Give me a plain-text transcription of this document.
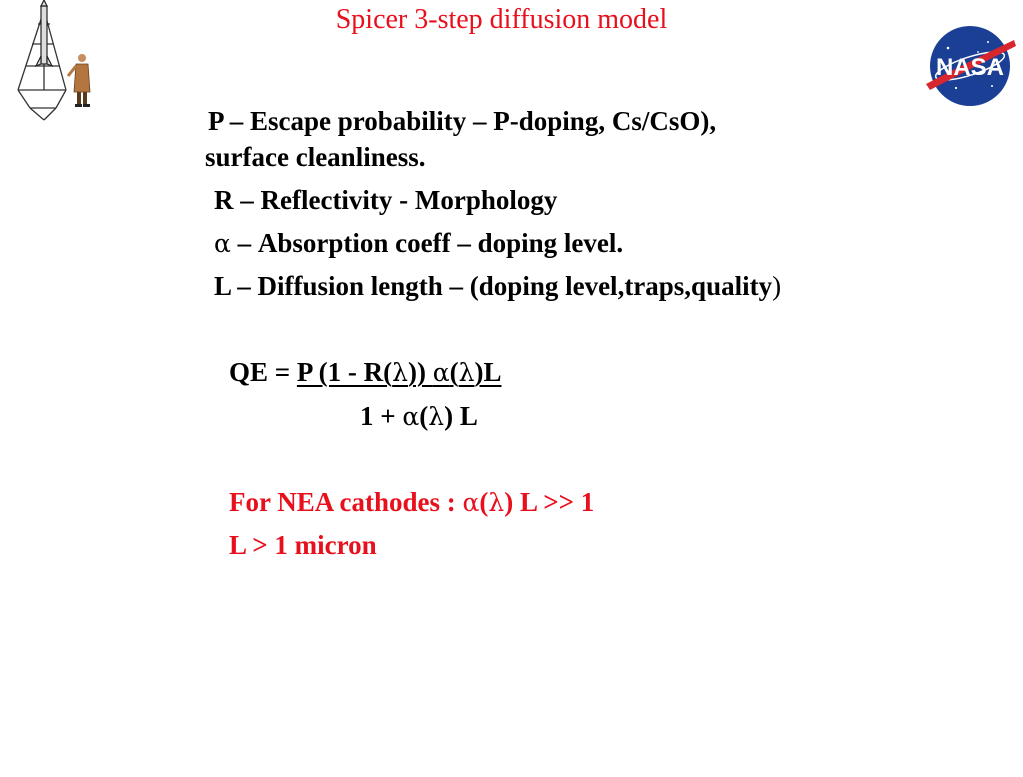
Spicer 3-step diffusion model
NASA
P – Escape probability – P-doping, Cs/CsO),
surface cleanliness.
R – Reflectivity - Morphology
α – Absorption coeff – doping level.
L – Diffusion length – (doping level,traps,quality)
QE = P (1 - R(λ)) α(λ)L
1 + α(λ) L
For NEA cathodes : α(λ) L >> 1
L > 1 micron
